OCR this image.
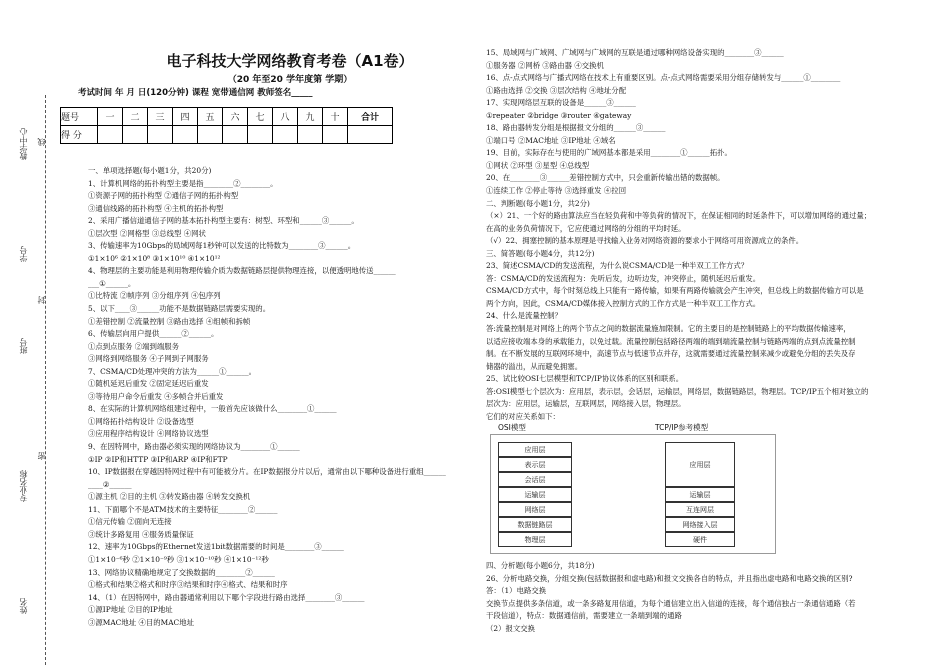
教学中心
学号
班号
专业名称
姓名
线
封
密
电子科技大学网络教育考卷（A1卷）
（20 年至20 学年度第 学期）
考试时间 年 月 日(120分钟) 课程 宽带通信网 教师签名_____
题号	一	二	三	四	五	六	七	八	九	十	合计
得 分											
一、单项选择题(每小题1分，共20分)
1、计算机网络的拓扑构型主要是指________②________。
①资源子网的拓扑构型 ②通信子网的拓扑构型
③通信线路的拓扑构型 ④主机的拓扑构型
2、采用广播信道通信子网的基本拓扑构型主要有：树型、环型和______③______。
①层次型 ②网格型 ③总线型 ④网状
3、传输速率为10Gbps的局域网每1秒钟可以发送的比特数为________③______。
①1×10⁶ ②1×10⁸ ③1×10¹⁰ ④1×10¹²
4、物理层的主要功能是利用物理传输介质为数据链路层提供物理连接，以便透明地传送______
___①______。
①比特流 ②帧序列 ③分组序列 ④包序列
5、以下____③______功能不是数据链路层需要实现的。
①差错控制 ②流量控制 ③路由选择 ④组帧和拆帧
6、传输层向用户提供______②______。
①点到点服务 ②端到端服务
③网络到网络服务 ④子网到子网服务
7、CSMA/CD处理冲突的方法为______①______。
①随机延迟后重发 ②固定延迟后重发
③等待用户命令后重发 ④多帧合并后重发
8、在实际的计算机网络组建过程中，一般首先应该做什么________①______
①网络拓扑结构设计 ②设备选型
③应用程序结构设计 ④网络协议选型
9、在因特网中，路由器必须实现的网络协议为________①______
①IP ②IP和HTTP ③IP和ARP ④IP和FTP
10、IP数据报在穿越因特网过程中有可能被分片。在IP数据报分片以后，通常由以下哪种设备进行重组______
____②______
①源主机 ②目的主机 ③转发路由器 ④转发交换机
11、下面哪个不是ATM技术的主要特征________②______
①信元传输 ②面向无连接
③统计多路复用 ④服务质量保证
12、速率为10Gbps的Ethernet发送1bit数据需要的时间是________③______
①1×10⁻⁶秒 ②1×10⁻⁹秒 ③1×10⁻¹⁰秒 ④1×10⁻¹²秒
13、网络协议精确地规定了交换数据的________②______
①格式和结果②格式和时序③结果和时序④格式、结果和时序
14、（1）在因特网中，路由器通常利用以下哪个字段进行路由选择________③______
①源IP地址 ②目的IP地址
③源MAC地址 ④目的MAC地址
15、局域网与广域网、广域网与广域网的互联是通过哪种网络设备实现的________③______
①服务器 ②网桥 ③路由器 ④交换机
16、点-点式网络与广播式网络在技术上有重要区别。点-点式网络需要采用分组存储转发与______①________
①路由选择 ②交换 ③层次结构 ④地址分配
17、实现网络层互联的设备是______③______
①repeater ②bridge ③router ④gateway
18、路由器转发分组是根据报文分组的______③______
①端口号 ②MAC地址 ③IP地址 ④域名
19、目前，实际存在与使用的广域网基本都是采用________①______拓扑。
①网状 ②环型 ③星型 ④总线型
20、在________③______差错控制方式中，只会重新传输出错的数据帧。
①连续工作 ②停止等待 ③选择重发 ④拉回
二、判断题(每小题1分，共2分)
（×）21、一个好的路由算法应当在轻负荷和中等负荷的情况下，在保证相同的时延条件下，可以增加网络的通过量；
在高的业务负荷情况下，它应使通过网络的分组的平均时延。
（√）22、拥塞控制的基本原理是寻找输入业务对网络资源的要求小于网络可用资源成立的条件。
三、简答题(每小题4分，共12分)
23、简述CSMA/CD的发送流程，为什么说CSMA/CD是一种半双工工作方式？
答：CSMA/CD的发送流程为：先听后发，边听边发，冲突停止，随机延迟后重发。
CSMA/CD方式中，每个时刻总线上只能有一路传输，如果有两路传输就会产生冲突，但总线上的数据传输方可以是
两个方向，因此，CSMA/CD媒体接入控制方式的工作方式是一种半双工工作方式。
24、什么是流量控制？
答:流量控制是对网络上的两个节点之间的数据流量施加限制。它的主要目的是控制链路上的平均数据传输速率，
以适应接收端本身的承载能力，以免过载。流量控制包括路径两端的端到端流量控制与链路两端的点到点流量控制
制。在不断发展的互联网环境中，高速节点与低速节点并存，这就需要通过流量控制来减少或避免分组的丢失及存
储器的溢出，从而避免拥塞。
25、试比较OSI七层模型和TCP/IP协议体系的区别和联系。
答:OSI模型七个层次为：应用层，表示层，会话层，运输层，网络层，数据链路层，物理层。TCP/IP五个相对独立的
层次为：应用层，运输层，互联网层，网络接入层，物理层。
它们的对应关系如下：
OSI模型	TCP/IP参考模型
应用层
表示层
会话层
运输层
网络层
数据链路层
物理层
应用层
运输层
互连网层
网络接入层
硬件
四、分析题(每小题6分，共18分)
26、分析电路交换，分组交换(包括数据报和虚电路)和报文交换各自的特点，并且指出虚电路和电路交换的区别?
答：（1）电路交换
交换节点提供多条信道，或一条多路复用信道，为每个通信建立出入信道的连接，每个通信独占一条通信通路（若
干段信道），特点：数据通信前，需要建立一条端到端的通路
（2）报文交换
